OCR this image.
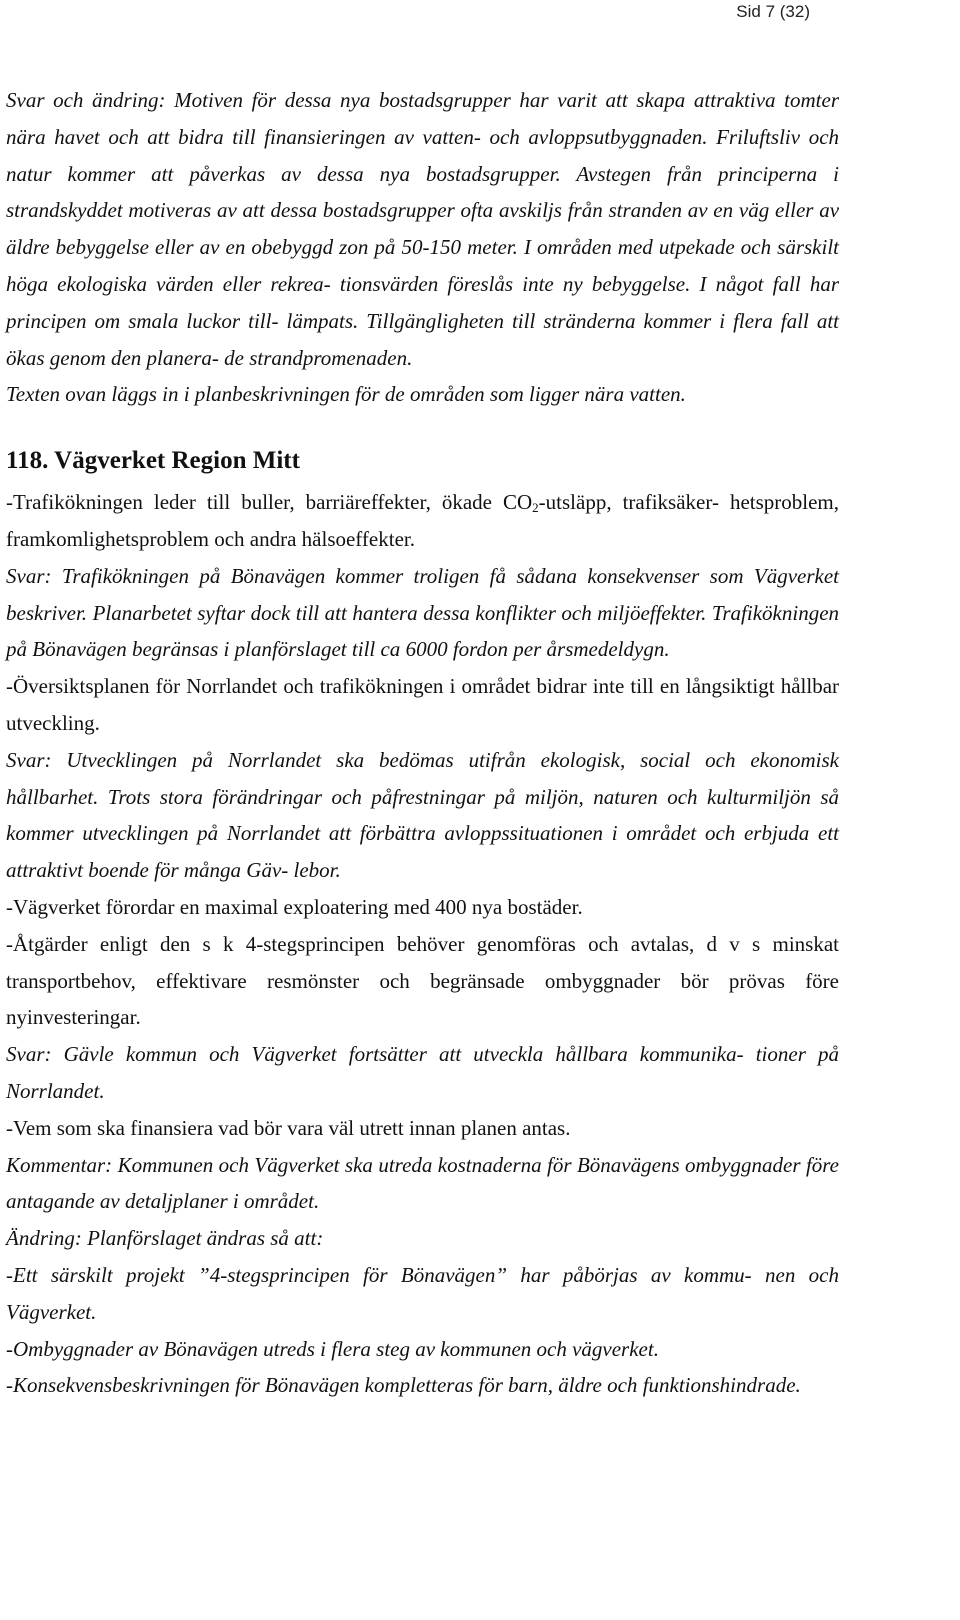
Sid 7 (32)

Svar och ändring: Motiven för dessa nya bostadsgrupper har varit att skapa attraktiva tomter nära havet och att bidra till finansieringen av vatten- och avloppsutbyggnaden. Friluftsliv och natur kommer att påverkas av dessa nya bostadsgrupper. Avstegen från principerna i strandskyddet motiveras av att dessa bostadsgrupper ofta avskiljs från stranden av en väg eller av äldre bebyggelse eller av en obebyggd zon på 50-150 meter. I områden med utpekade och särskilt höga ekologiska värden eller rekrea- tionsvärden föreslås inte ny bebyggelse. I något fall har principen om smala luckor till- lämpats. Tillgängligheten till stränderna kommer i flera fall att ökas genom den planera- de strandpromenaden.

Texten ovan läggs in i planbeskrivningen för de områden som ligger nära vatten.

118. Vägverket Region Mitt

-Trafikökningen leder till buller, barriäreffekter, ökade $CO_2$-utsläpp, trafiksäker- hetsproblem, framkomlighetsproblem och andra hälsoeffekter.

Svar: Trafikökningen på Bönavägen kommer troligen få sådana konsekvenser som Vägverket beskriver. Planarbetet syftar dock till att hantera dessa konflikter och miljöeffekter. Trafikökningen på Bönavägen begränsas i planförslaget till ca 6000 fordon per årsmedeldygn.

-Översiktsplanen för Norrlandet och trafikökningen i området bidrar inte till en långsiktigt hållbar utveckling.

Svar: Utvecklingen på Norrlandet ska bedömas utifrån ekologisk, social och ekonomisk hållbarhet. Trots stora förändringar och påfrestningar på miljön, naturen och kulturmiljön så kommer utvecklingen på Norrlandet att förbättra avloppssituationen i området och erbjuda ett attraktivt boende för många Gäv- lebor.

-Vägverket förordar en maximal exploatering med 400 nya bostäder.

-Åtgärder enligt den s k 4-stegsprincipen behöver genomföras och avtalas, d v s minskat transportbehov, effektivare resmönster och begränsade ombyggnader bör prövas före nyinvesteringar.

Svar: Gävle kommun och Vägverket fortsätter att utveckla hållbara kommunika- tioner på Norrlandet.

-Vem som ska finansiera vad bör vara väl utrett innan planen antas.

Kommentar: Kommunen och Vägverket ska utreda kostnaderna för Bönavägens ombyggnader före antagande av detaljplaner i området.

Ändring: Planförslaget ändras så att:
-Ett särskilt projekt ”4-stegsprincipen för Bönavägen” har påbörjas av kommu- nen och Vägverket.
-Ombyggnader av Bönavägen utreds i flera steg av kommunen och vägverket.
-Konsekvensbeskrivningen för Bönavägen kompletteras för barn, äldre och funktionshindrade.
